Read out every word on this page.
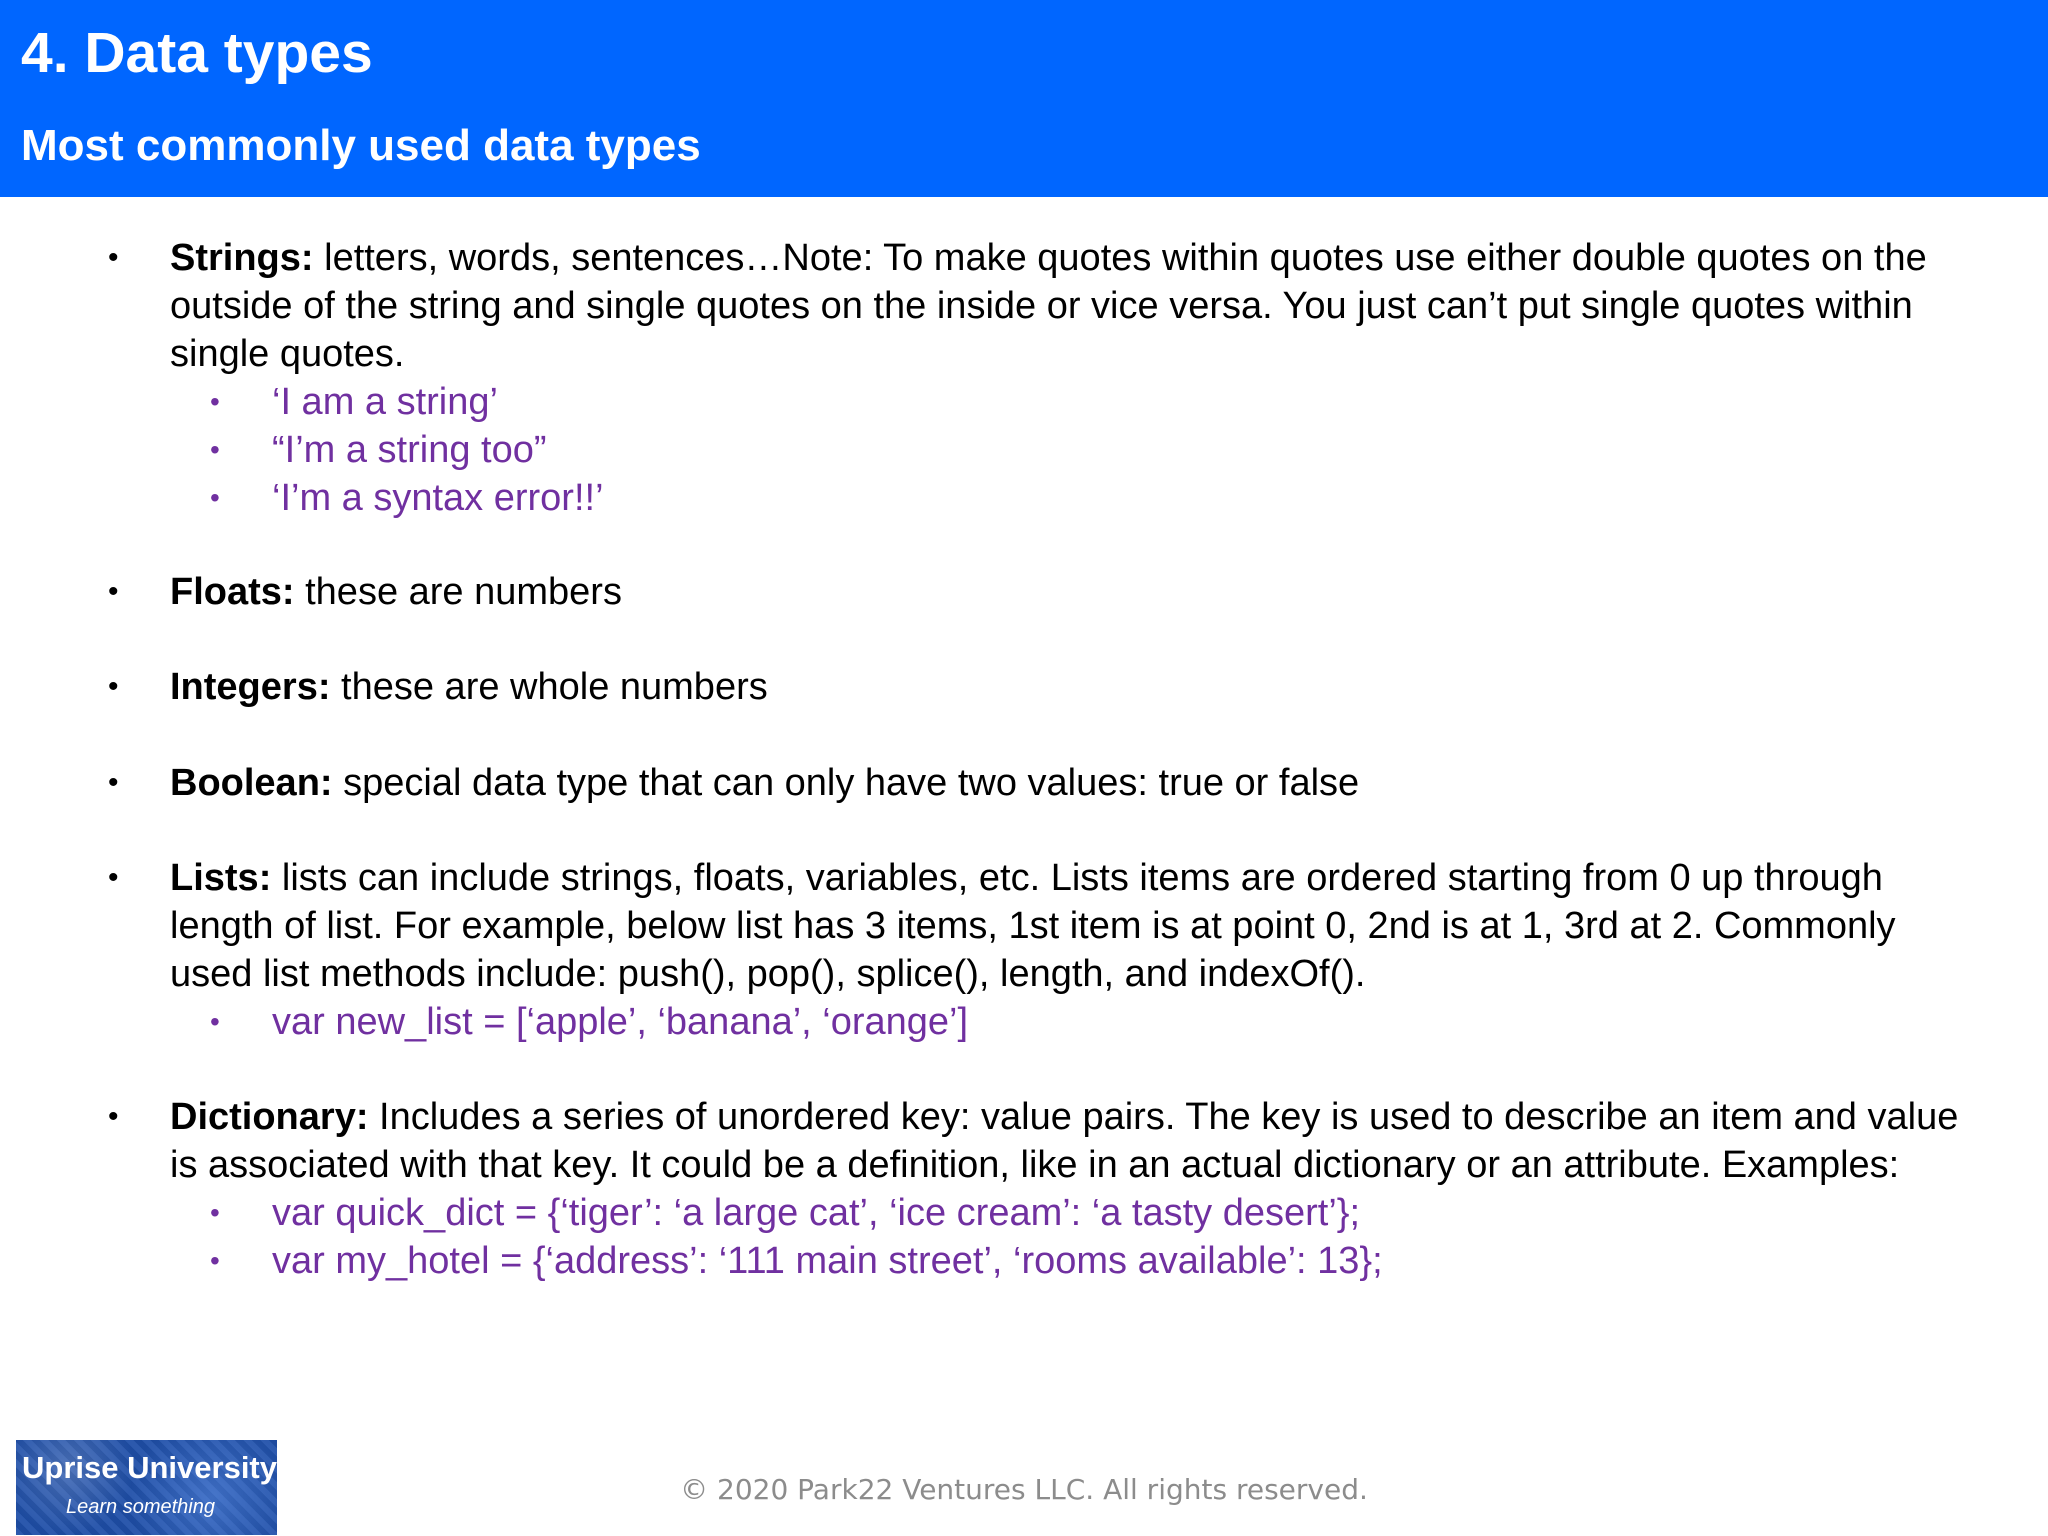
4. Data types
Most commonly used data types
•	Strings: letters, words, sentences…Note: To make quotes within quotes use either double quotes on the outside of the string and single quotes on the inside or vice versa. You just can’t put single quotes within single quotes.
•	‘I am a string’
•	“I’m a string too”
•	‘I’m a syntax error!!’
•	Floats: these are numbers
•	Integers: these are whole numbers
•	Boolean: special data type that can only have two values: true or false
•	Lists: lists can include strings, floats, variables, etc. Lists items are ordered starting from 0 up through length of list. For example, below list has 3 items, 1st item is at point 0, 2nd is at 1, 3rd at 2. Commonly used list methods include: push(), pop(), splice(), length, and indexOf().
•	var new_list = [‘apple’, ‘banana’, ‘orange’]
•	Dictionary: Includes a series of unordered key: value pairs. The key is used to describe an item and value is associated with that key. It could be a definition, like in an actual dictionary or an attribute. Examples:
•	var quick_dict = {‘tiger’: ‘a large cat’, ‘ice cream’: ‘a tasty desert’};
•	var my_hotel = {‘address’: ‘111 main street’, ‘rooms available’: 13};
Uprise University
Learn something
© 2020 Park22 Ventures LLC. All rights reserved.
